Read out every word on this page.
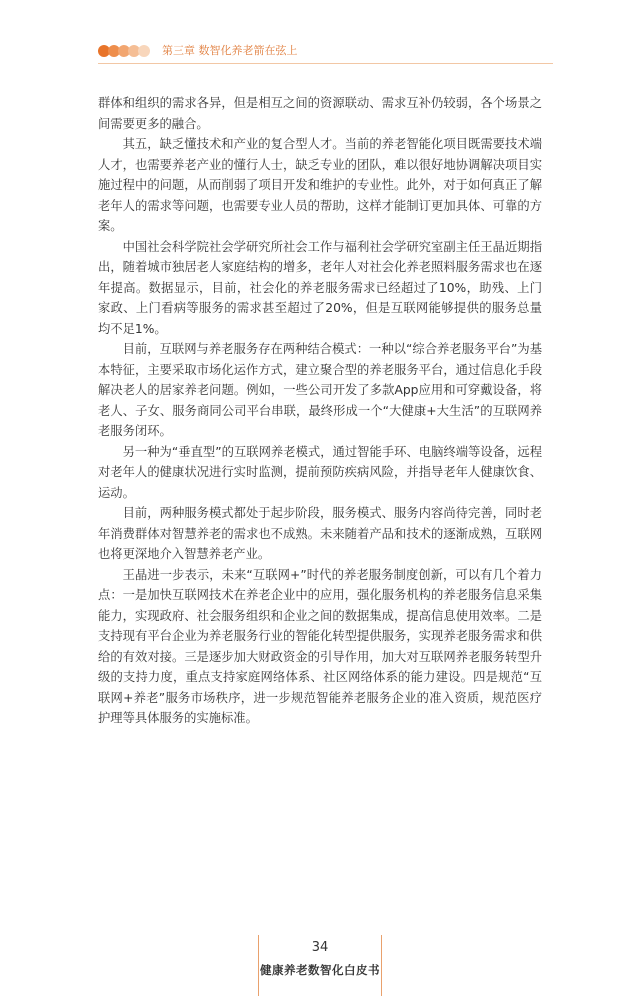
第三章 数智化养老箭在弦上

群体和组织的需求各异，但是相互之间的资源联动、需求互补仍较弱，各个场景之间需要更多的融合。

其五，缺乏懂技术和产业的复合型人才。当前的养老智能化项目既需要技术端人才，也需要养老产业的懂行人士，缺乏专业的团队，难以很好地协调解决项目实施过程中的问题，从而削弱了项目开发和维护的专业性。此外，对于如何真正了解老年人的需求等问题，也需要专业人员的帮助，这样才能制订更加具体、可靠的方案。

中国社会科学院社会学研究所社会工作与福利社会学研究室副主任王晶近期指出，随着城市独居老人家庭结构的增多，老年人对社会化养老照料服务需求也在逐年提高。数据显示，目前，社会化的养老服务需求已经超过了10%，助残、上门家政、上门看病等服务的需求甚至超过了20%，但是互联网能够提供的服务总量均不足1%。

目前，互联网与养老服务存在两种结合模式：一种以“综合养老服务平台”为基本特征，主要采取市场化运作方式，建立聚合型的养老服务平台，通过信息化手段解决老人的居家养老问题。例如，一些公司开发了多款App应用和可穿戴设备，将老人、子女、服务商同公司平台串联，最终形成一个“大健康+大生活”的互联网养老服务闭环。

另一种为“垂直型”的互联网养老模式，通过智能手环、电脑终端等设备，远程对老年人的健康状况进行实时监测，提前预防疾病风险，并指导老年人健康饮食、运动。

目前，两种服务模式都处于起步阶段，服务模式、服务内容尚待完善，同时老年消费群体对智慧养老的需求也不成熟。未来随着产品和技术的逐渐成熟，互联网也将更深地介入智慧养老产业。

王晶进一步表示，未来“互联网+”时代的养老服务制度创新，可以有几个着力点：一是加快互联网技术在养老企业中的应用，强化服务机构的养老服务信息采集能力，实现政府、社会服务组织和企业之间的数据集成，提高信息使用效率。二是支持现有平台企业为养老服务行业的智能化转型提供服务，实现养老服务需求和供给的有效对接。三是逐步加大财政资金的引导作用，加大对互联网养老服务转型升级的支持力度，重点支持家庭网络体系、社区网络体系的能力建设。四是规范“互联网+养老”服务市场秩序，进一步规范智能养老服务企业的准入资质，规范医疗护理等具体服务的实施标准。

34
健康养老数智化白皮书
